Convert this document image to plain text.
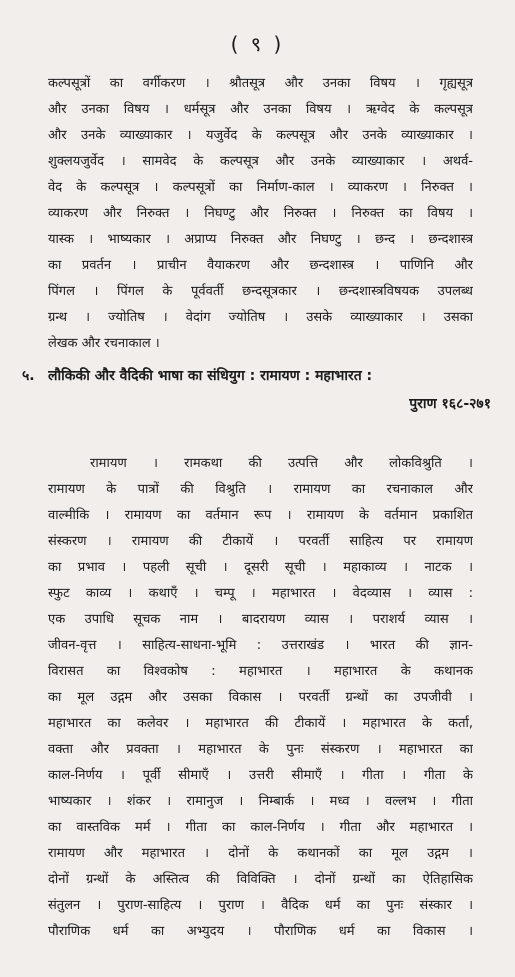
( ९ )
कल्पसूत्रों का वर्गीकरण । श्रौतसूत्र और उनका विषय । गृह्यसूत्र
और उनका विषय । धर्मसूत्र और उनका विषय । ऋग्वेद के कल्पसूत्र
और उनके व्याख्याकार । यजुर्वेद के कल्पसूत्र और उनके व्याख्याकार ।
शुक्लयजुर्वेद । सामवेद के कल्पसूत्र और उनके व्याख्याकार । अथर्व-
वेद के कल्पसूत्र । कल्पसूत्रों का निर्माण-काल । व्याकरण । निरुक्त ।
व्याकरण और निरुक्त । निघण्टु और निरुक्त । निरुक्त का विषय ।
यास्क । भाष्यकार । अप्राप्य निरुक्त और निघण्टु । छन्द । छन्दशास्त्र
का प्रवर्तन । प्राचीन वैयाकरण और छन्दशास्त्र । पाणिनि और
पिंगल । पिंगल के पूर्ववर्ती छन्दसूत्रकार । छन्दशास्त्रविषयक उपलब्ध
ग्रन्थ । ज्योतिष । वेदांग ज्योतिष । उसके व्याख्याकार । उसका
लेखक और रचनाकाल ।
५. लौकिकी और वैदिकी भाषा का संधियुग : रामायण : महाभारत :
पुराण १६८-२७१
रामायण । रामकथा की उत्पत्ति और लोकविश्रुति ।
रामायण के पात्रों की विश्रुति । रामायण का रचनाकाल और
वाल्मीकि । रामायण का वर्तमान रूप । रामायण के वर्तमान प्रकाशित
संस्करण । रामायण की टीकायें । परवर्ती साहित्य पर रामायण
का प्रभाव । पहली सूची । दूसरी सूची । महाकाव्य । नाटक ।
स्फुट काव्य । कथाएँ । चम्पू । महाभारत । वेदव्यास । व्यास :
एक उपाधि सूचक नाम । बादरायण व्यास । पराशर्य व्यास ।
जीवन-वृत्त । साहित्य-साधना-भूमि : उत्तराखंड । भारत की ज्ञान-
विरासत का विश्वकोष : महाभारत । महाभारत के कथानक
का मूल उद्गम और उसका विकास । परवर्ती ग्रन्थों का उपजीवी ।
महाभारत का कलेवर । महाभारत की टीकायें । महाभारत के कर्ता,
वक्ता और प्रवक्ता । महाभारत के पुनः संस्करण । महाभारत का
काल-निर्णय । पूर्वी सीमाएँ । उत्तरी सीमाएँ । गीता । गीता के
भाष्यकार । शंकर । रामानुज । निम्बार्क । मध्व । वल्लभ । गीता
का वास्तविक मर्म । गीता का काल-निर्णय । गीता और महाभारत ।
रामायण और महाभारत । दोनों के कथानकों का मूल उद्गम ।
दोनों ग्रन्थों के अस्तित्व की विविक्ति । दोनों ग्रन्थों का ऐतिहासिक
संतुलन । पुराण-साहित्य । पुराण । वैदिक धर्म का पुनः संस्कार ।
पौराणिक धर्म का अभ्युदय । पौराणिक धर्म का विकास ।
